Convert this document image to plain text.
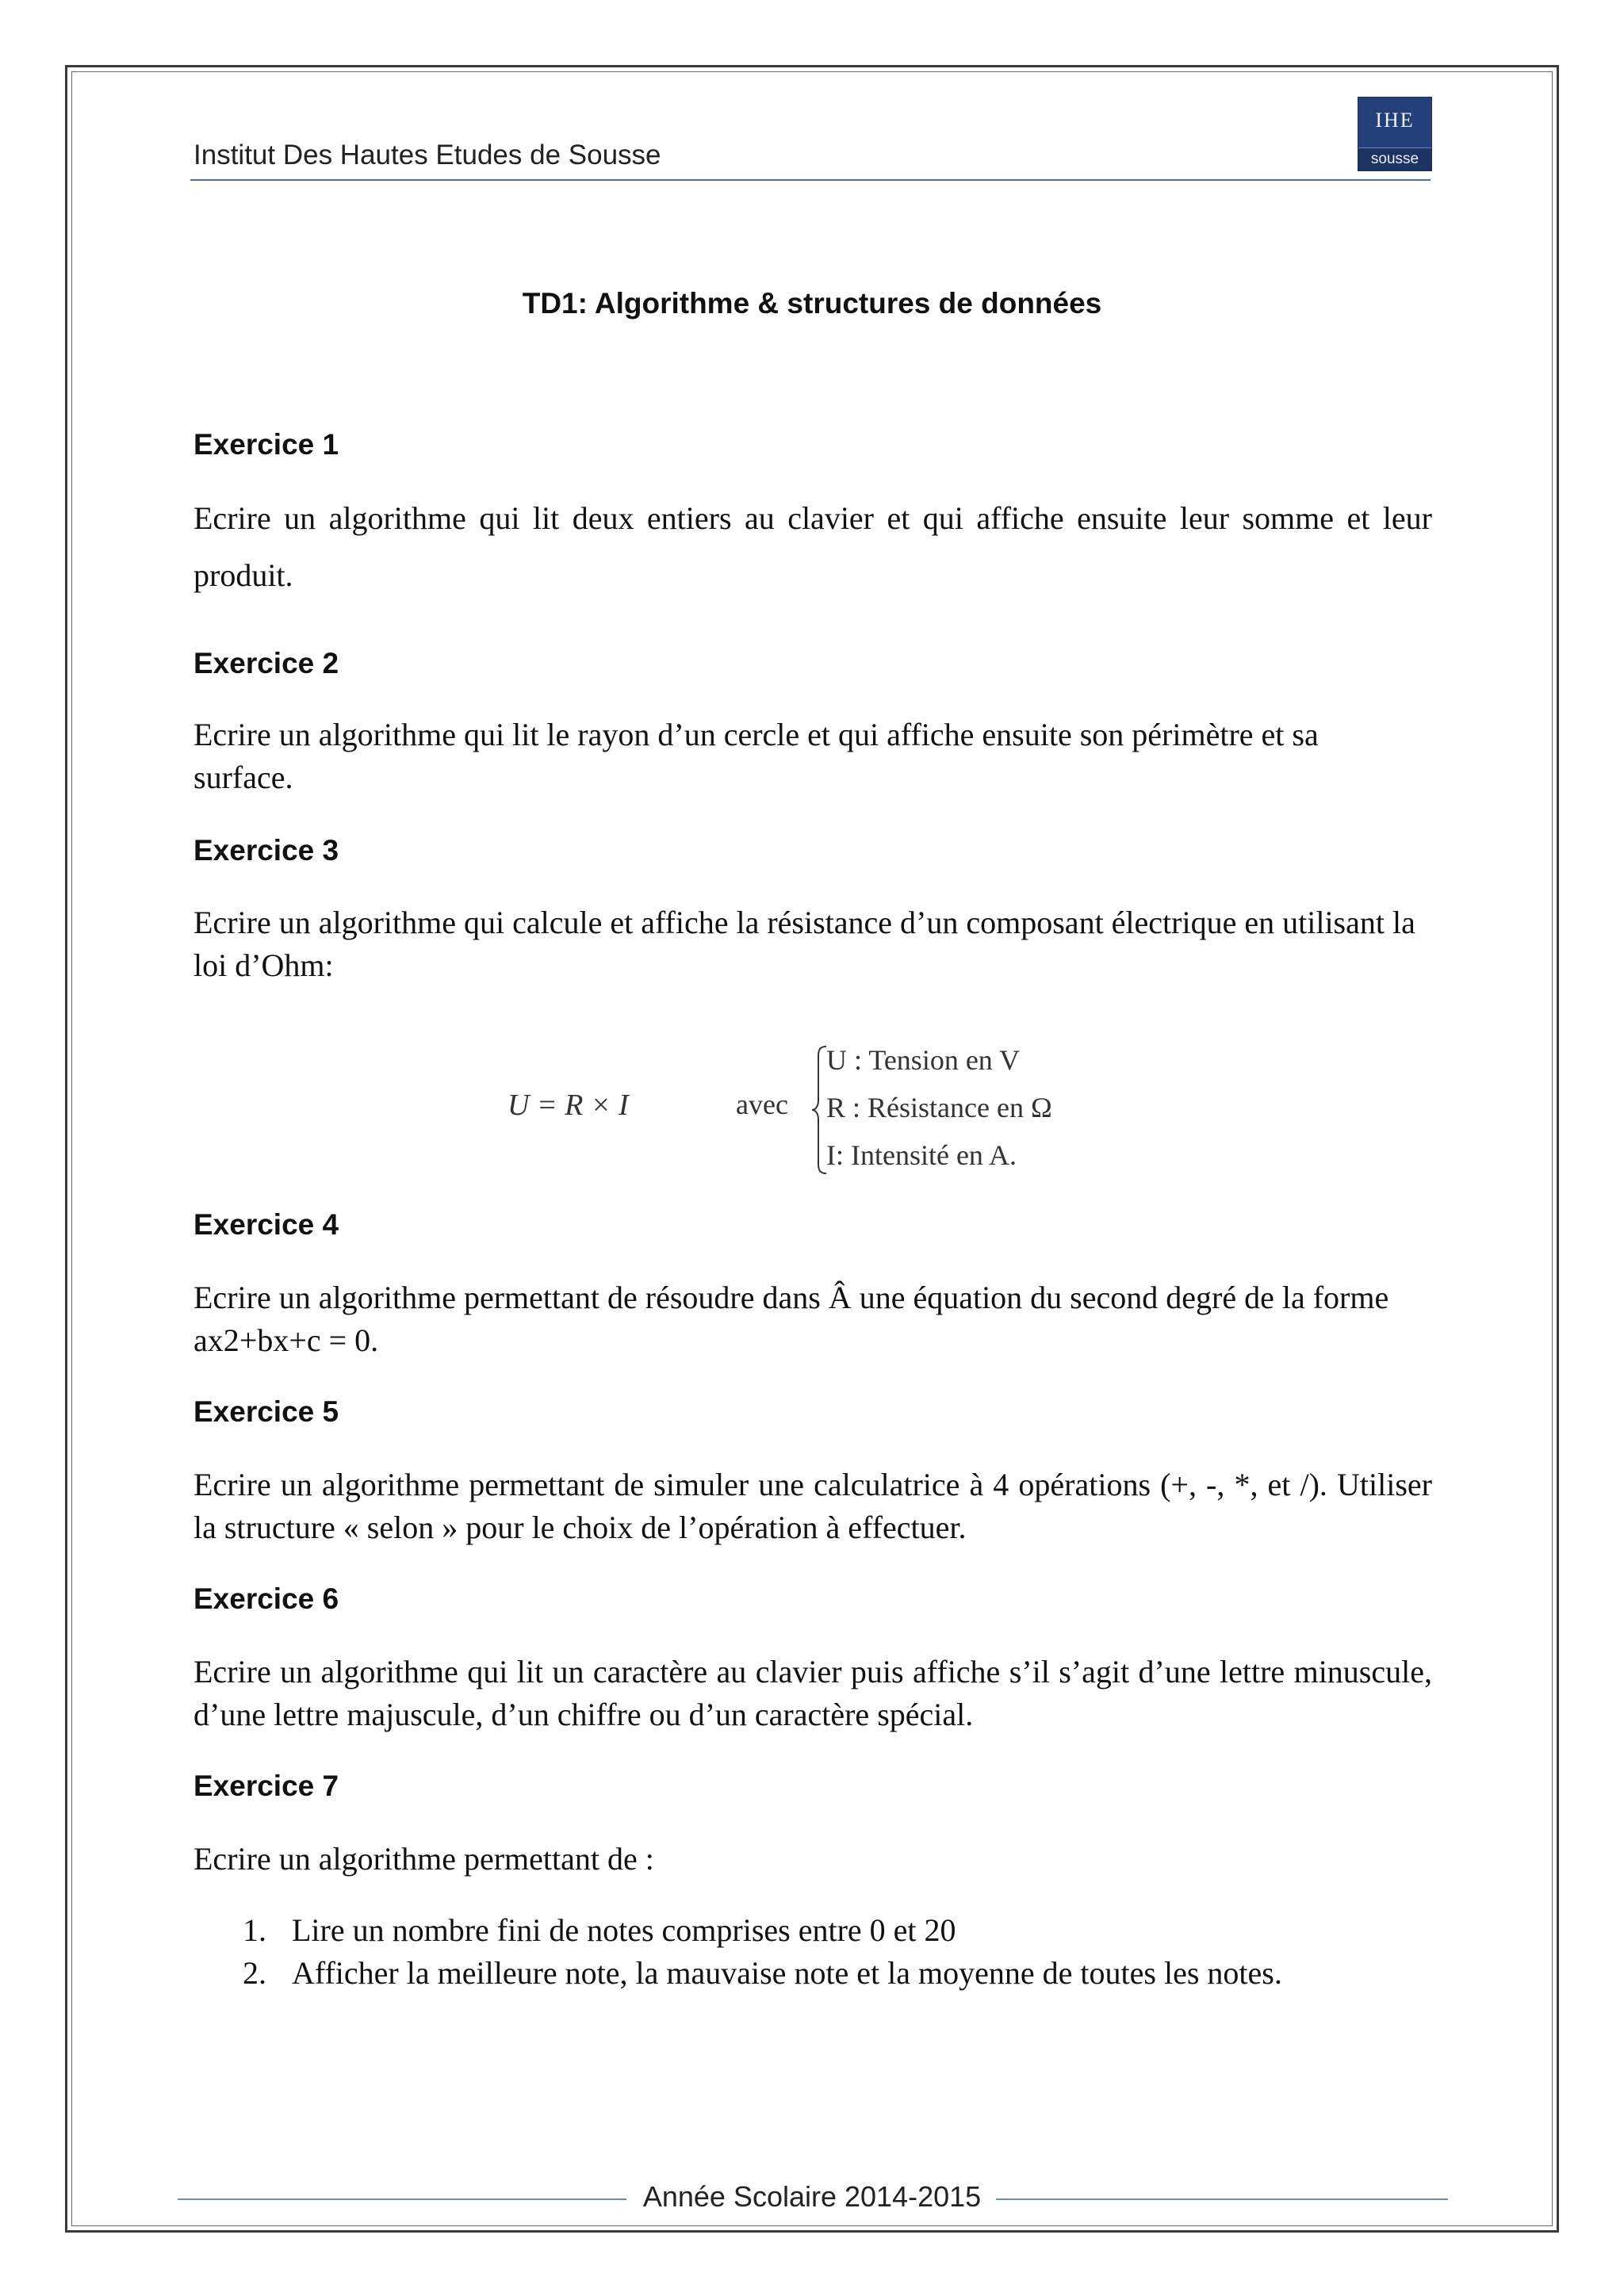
Institut Des Hautes Etudes de Sousse
IHE
sousse
TD1: Algorithme & structures de données
Exercice 1
Ecrire un algorithme qui lit deux entiers au clavier et qui affiche ensuite leur somme et leur produit.
Exercice 2
Ecrire un algorithme qui lit le rayon d’un cercle et qui affiche ensuite son périmètre et sa surface.
Exercice 3
Ecrire un algorithme qui calcule et affiche la résistance d’un composant électrique en utilisant la loi d’Ohm:
U = R × I	avec
U : Tension en V
R : Résistance en Ω
I: Intensité en A.
Exercice 4
Ecrire un algorithme permettant de résoudre dans Â une équation du second degré de la forme ax2+bx+c = 0.
Exercice 5
Ecrire un algorithme permettant de simuler une calculatrice à 4 opérations (+, -, *, et /). Utiliser la structure « selon » pour le choix de l’opération à effectuer.
Exercice 6
Ecrire un algorithme qui lit un caractère au clavier puis affiche s’il s’agit d’une lettre minuscule, d’une lettre majuscule, d’un chiffre ou d’un caractère spécial.
Exercice 7
Ecrire un algorithme permettant de :
1. Lire un nombre fini de notes comprises entre 0 et 20
2. Afficher la meilleure note, la mauvaise note et la moyenne de toutes les notes.
Année Scolaire 2014-2015
